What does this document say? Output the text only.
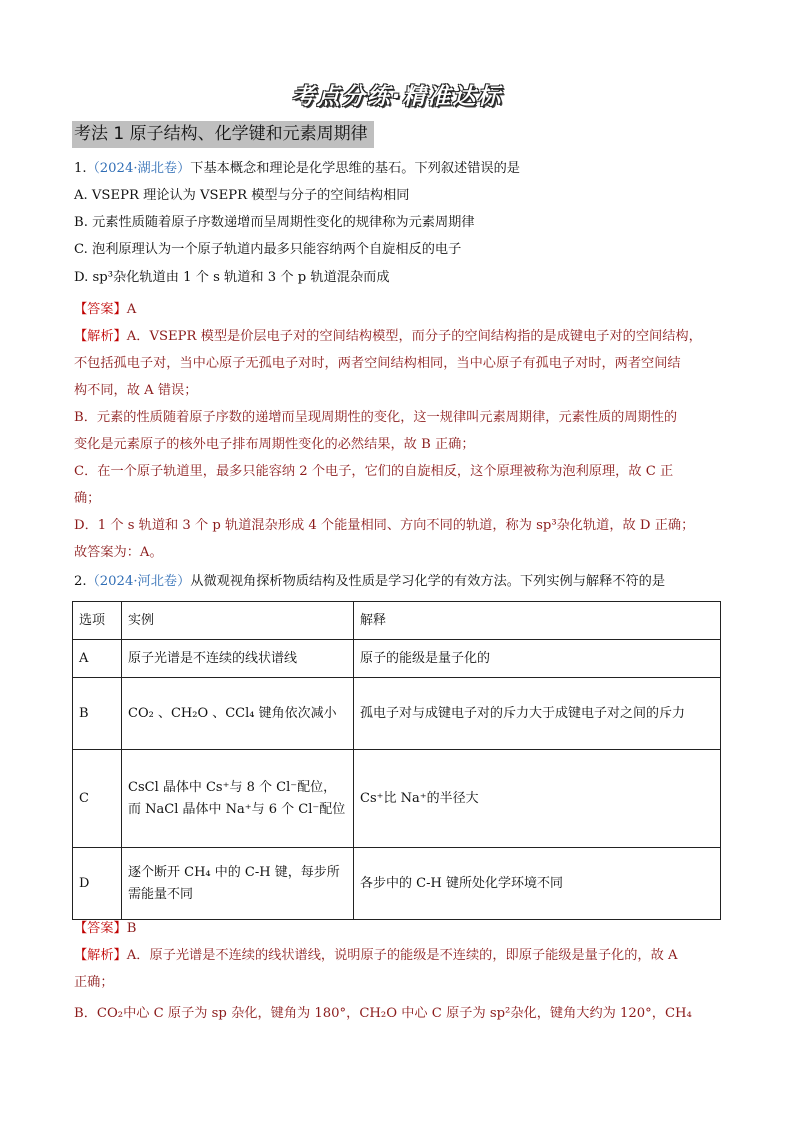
考点分练·精准达标
考法 1 原子结构、化学键和元素周期律
1.（2024·湖北卷）下基本概念和理论是化学思维的基石。下列叙述错误的是
A. VSEPR 理论认为 VSEPR 模型与分子的空间结构相同
B. 元素性质随着原子序数递增而呈周期性变化的规律称为元素周期律
C. 泡利原理认为一个原子轨道内最多只能容纳两个自旋相反的电子
D. sp³杂化轨道由 1 个 s 轨道和 3 个 p 轨道混杂而成
【答案】A
【解析】A．VSEPR 模型是价层电子对的空间结构模型，而分子的空间结构指的是成键电子对的空间结构，
不包括孤电子对，当中心原子无孤电子对时，两者空间结构相同，当中心原子有孤电子对时，两者空间结
构不同，故 A 错误；
B．元素的性质随着原子序数的递增而呈现周期性的变化，这一规律叫元素周期律，元素性质的周期性的
变化是元素原子的核外电子排布周期性变化的必然结果，故 B 正确；
C．在一个原子轨道里，最多只能容纳 2 个电子，它们的自旋相反，这个原理被称为泡利原理，故 C 正
确；
D．1 个 s 轨道和 3 个 p 轨道混杂形成 4 个能量相同、方向不同的轨道，称为 sp³杂化轨道，故 D 正确；
故答案为：A。
2.（2024·河北卷）从微观视角探析物质结构及性质是学习化学的有效方法。下列实例与解释不符的是
选项	实例	解释
A	原子光谱是不连续的线状谱线	原子的能级是量子化的
B	CO₂ 、CH₂O 、CCl₄ 键角依次减小	孤电子对与成键电子对的斥力大于成键电子对之间的斥力
C	CsCl 晶体中 Cs⁺与 8 个 Cl⁻配位，而 NaCl 晶体中 Na⁺与 6 个 Cl⁻配位	Cs⁺比 Na⁺的半径大
D	逐个断开 CH₄ 中的 C-H 键，每步所需能量不同	各步中的 C-H 键所处化学环境不同
【答案】B
【解析】A．原子光谱是不连续的线状谱线，说明原子的能级是不连续的，即原子能级是量子化的，故 A
正确；
B．CO₂中心 C 原子为 sp 杂化，键角为 180°，CH₂O 中心 C 原子为 sp²杂化，键角大约为 120°，CH₄
